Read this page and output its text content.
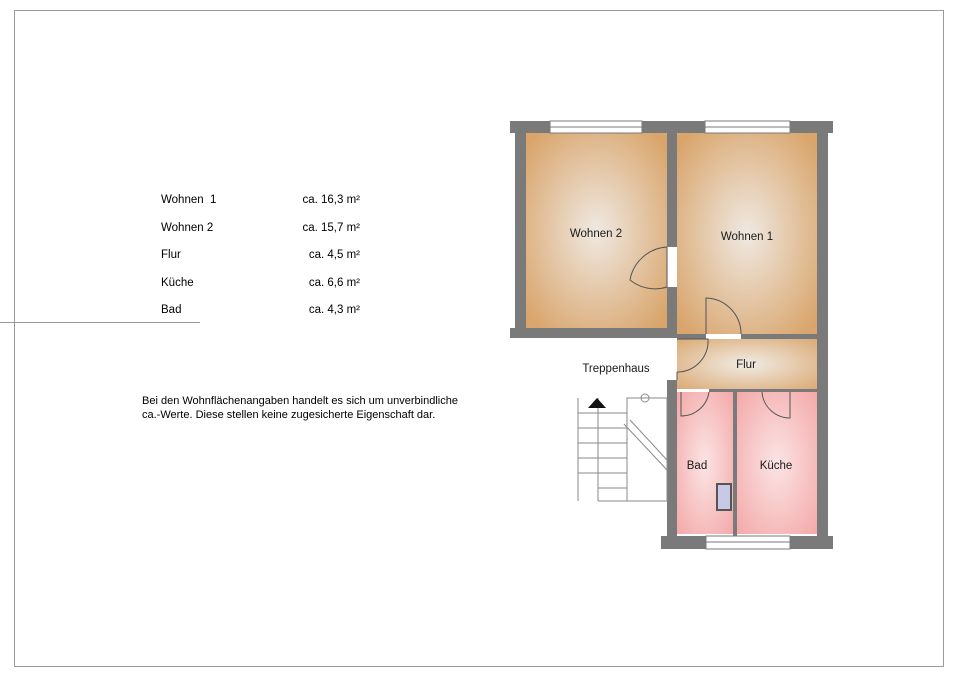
Wohnen  1	ca. 16,3 m²
Wohnen 2	ca. 15,7 m²
Flur	ca. 4,5 m²
Küche	ca. 6,6 m²
Bad	ca. 4,3 m²
Bei den Wohnflächenangaben handelt es sich um unverbindliche
ca.-Werte. Diese stellen keine zugesicherte Eigenschaft dar.
Wohnen 2	Wohnen 1
Flur
Treppenhaus
Bad	Küche
